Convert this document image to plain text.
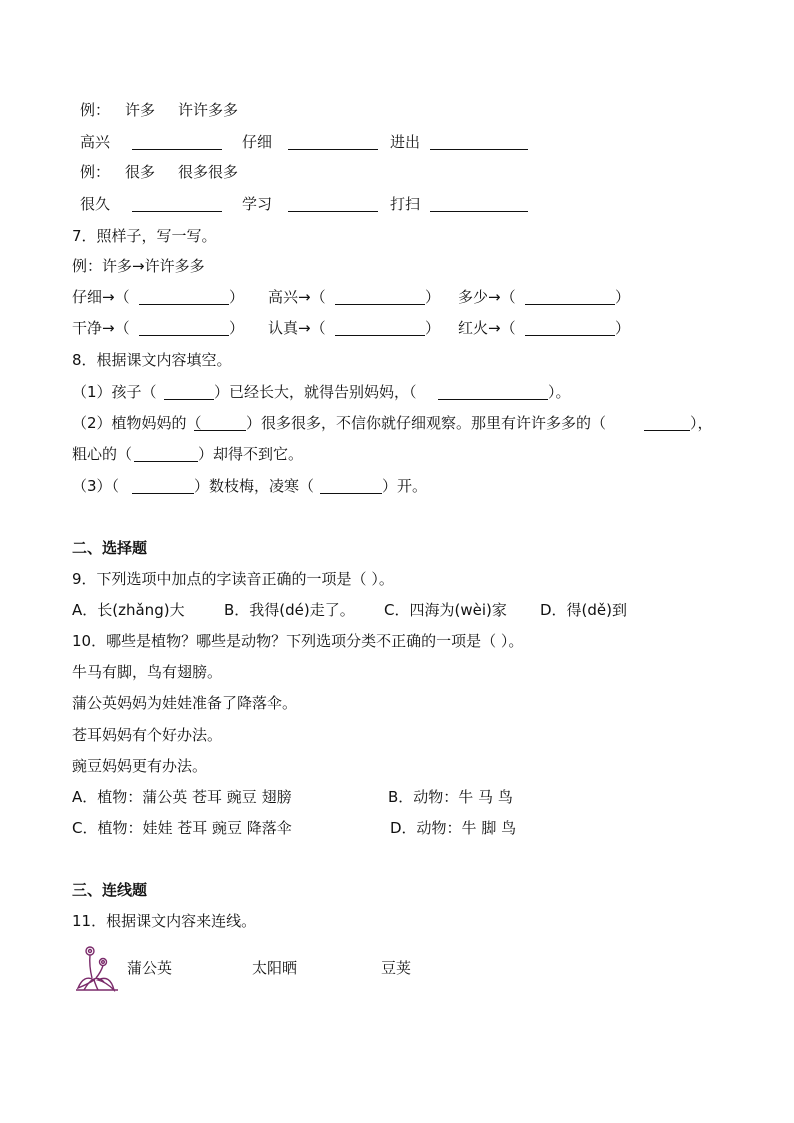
例： 许多 许许多多
高兴	仔细	进出
例： 很多 很多很多
很久	学习	打扫
7．照样子，写一写。
例：许多→许许多多
仔细→（	） 高兴→（	） 多少→（	）
干净→（	） 认真→（	） 红火→（	）
8．根据课文内容填空。
（1）孩子（	）已经长大，就得告别妈妈，（	）。
（2）植物妈妈的（	）很多很多，不信你就仔细观察。那里有许许多多的（	），
粗心的（	）却得不到它。
（3）（	）数枝梅，凌寒（	）开。
二、选择题
9．下列选项中加点的字读音正确的一项是（ ）。
A．长(zhǎng)大	B．我得(dé)走了。 C．四海为(wèi)家 D．得(dě)到
10．哪些是植物？哪些是动物？下列选项分类不正确的一项是（ ）。
牛马有脚，鸟有翅膀。
蒲公英妈妈为娃娃准备了降落伞。
苍耳妈妈有个好办法。
豌豆妈妈更有办法。
A．植物：蒲公英 苍耳 豌豆 翅膀	B．动物：牛 马 鸟
C．植物：娃娃 苍耳 豌豆 降落伞	D．动物：牛 脚 鸟
三、连线题
11．根据课文内容来连线。
蒲公英	太阳晒	豆荚
